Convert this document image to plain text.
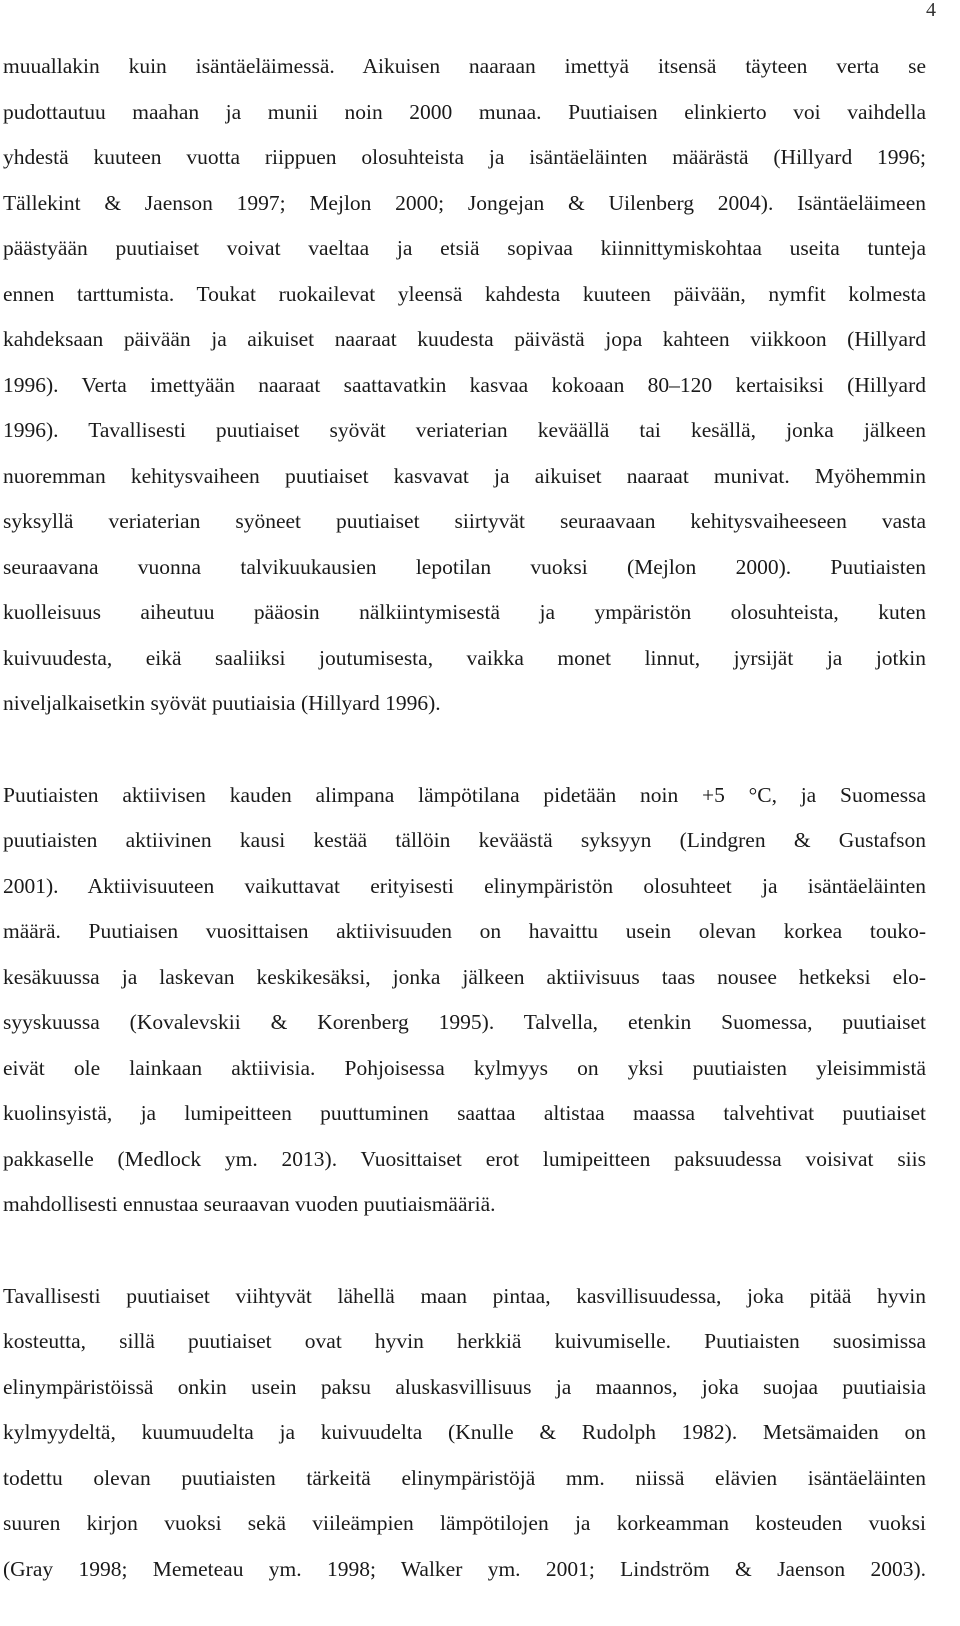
4
muuallakin kuin isäntäeläimessä. Aikuisen naaraan imettyä itsensä täyteen verta se
pudottautuu maahan ja munii noin 2000 munaa. Puutiaisen elinkierto voi vaihdella
yhdestä kuuteen vuotta riippuen olosuhteista ja isäntäeläinten määrästä (Hillyard 1996;
Tällekint & Jaenson 1997; Mejlon 2000; Jongejan & Uilenberg 2004). Isäntäeläimeen
päästyään puutiaiset voivat vaeltaa ja etsiä sopivaa kiinnittymiskohtaa useita tunteja
ennen tarttumista. Toukat ruokailevat yleensä kahdesta kuuteen päivään, nymfit kolmesta
kahdeksaan päivään ja aikuiset naaraat kuudesta päivästä jopa kahteen viikkoon (Hillyard
1996). Verta imettyään naaraat saattavatkin kasvaa kokoaan 80–120 kertaisiksi (Hillyard
1996). Tavallisesti puutiaiset syövät veriaterian keväällä tai kesällä, jonka jälkeen
nuoremman kehitysvaiheen puutiaiset kasvavat ja aikuiset naaraat munivat. Myöhemmin
syksyllä veriaterian syöneet puutiaiset siirtyvät seuraavaan kehitysvaiheeseen vasta
seuraavana vuonna talvikuukausien lepotilan vuoksi (Mejlon 2000). Puutiaisten
kuolleisuus aiheutuu pääosin nälkiintymisestä ja ympäristön olosuhteista, kuten
kuivuudesta, eikä saaliiksi joutumisesta, vaikka monet linnut, jyrsijät ja jotkin
niveljalkaisetkin syövät puutiaisia (Hillyard 1996).
Puutiaisten aktiivisen kauden alimpana lämpötilana pidetään noin +5 °C, ja Suomessa
puutiaisten aktiivinen kausi kestää tällöin keväästä syksyyn (Lindgren & Gustafson
2001). Aktiivisuuteen vaikuttavat erityisesti elinympäristön olosuhteet ja isäntäeläinten
määrä. Puutiaisen vuosittaisen aktiivisuuden on havaittu usein olevan korkea touko-
kesäkuussa ja laskevan keskikesäksi, jonka jälkeen aktiivisuus taas nousee hetkeksi elo-
syyskuussa (Kovalevskii & Korenberg 1995). Talvella, etenkin Suomessa, puutiaiset
eivät ole lainkaan aktiivisia. Pohjoisessa kylmyys on yksi puutiaisten yleisimmistä
kuolinsyistä, ja lumipeitteen puuttuminen saattaa altistaa maassa talvehtivat puutiaiset
pakkaselle (Medlock ym. 2013). Vuosittaiset erot lumipeitteen paksuudessa voisivat siis
mahdollisesti ennustaa seuraavan vuoden puutiaismääriä.
Tavallisesti puutiaiset viihtyvät lähellä maan pintaa, kasvillisuudessa, joka pitää hyvin
kosteutta, sillä puutiaiset ovat hyvin herkkiä kuivumiselle. Puutiaisten suosimissa
elinympäristöissä onkin usein paksu aluskasvillisuus ja maannos, joka suojaa puutiaisia
kylmyydeltä, kuumuudelta ja kuivuudelta (Knulle & Rudolph 1982). Metsämaiden on
todettu olevan puutiaisten tärkeitä elinympäristöjä mm. niissä elävien isäntäeläinten
suuren kirjon vuoksi sekä viileämpien lämpötilojen ja korkeamman kosteuden vuoksi
(Gray 1998; Memeteau ym. 1998; Walker ym. 2001; Lindström & Jaenson 2003).
